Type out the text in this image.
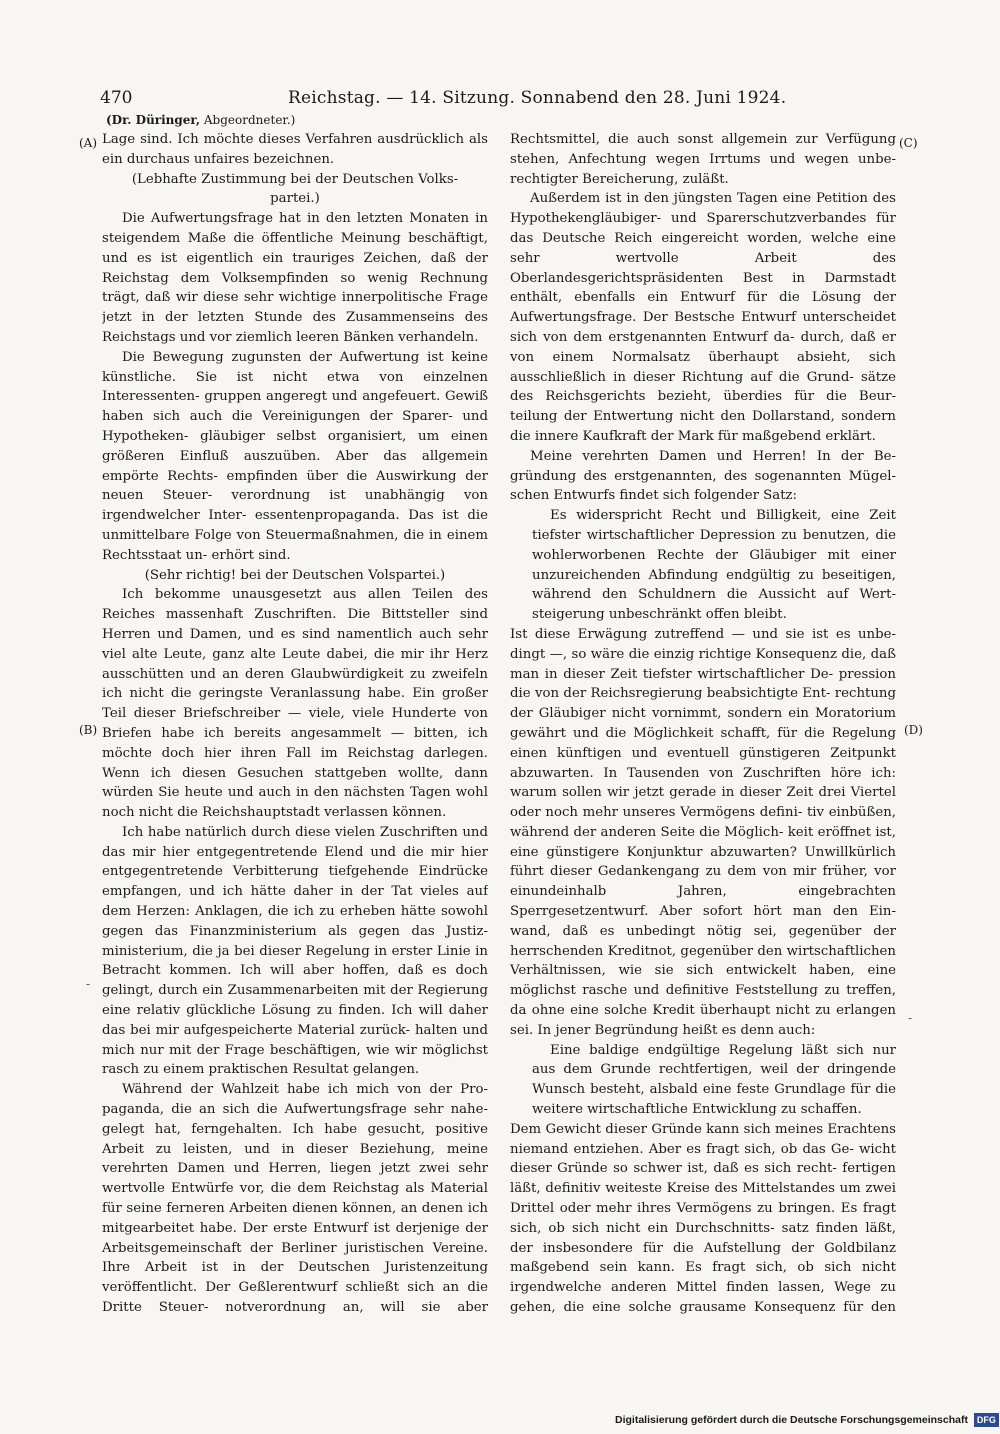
470	Reichstag. — 14. Sitzung. Sonnabend den 28. Juni 1924.
(Dr. Düringer, Abgeordneter.)
(A)
(B)
(C)
(D)
-
-

Lage sind. Ich möchte dieses Verfahren ausdrücklich als ein durchaus unfaires bezeichnen.

(Lebhafte Zustimmung bei der Deutschen Volks- partei.)

Die Aufwertungsfrage hat in den letzten Monaten in steigendem Maße die öffentliche Meinung beschäftigt, und es ist eigentlich ein trauriges Zeichen, daß der Reichstag dem Volksempfinden so wenig Rechnung trägt, daß wir diese sehr wichtige innerpolitische Frage jetzt in der letzten Stunde des Zusammenseins des Reichstags und vor ziemlich leeren Bänken verhandeln.

Die Bewegung zugunsten der Aufwertung ist keine künstliche. Sie ist nicht etwa von einzelnen Interessenten- gruppen angeregt und angefeuert. Gewiß haben sich auch die Vereinigungen der Sparer- und Hypotheken- gläubiger selbst organisiert, um einen größeren Einfluß auszuüben. Aber das allgemein empörte Rechts- empfinden über die Auswirkung der neuen Steuer- verordnung ist unabhängig von irgendwelcher Inter- essentenpropaganda. Das ist die unmittelbare Folge von Steuermaßnahmen, die in einem Rechtsstaat un- erhört sind.

(Sehr richtig! bei der Deutschen Volspartei.)

Ich bekomme unausgesetzt aus allen Teilen des Reiches massenhaft Zuschriften. Die Bittsteller sind Herren und Damen, und es sind namentlich auch sehr viel alte Leute, ganz alte Leute dabei, die mir ihr Herz ausschütten und an deren Glaubwürdigkeit zu zweifeln ich nicht die geringste Veranlassung habe. Ein großer Teil dieser Briefschreiber — viele, viele Hunderte von Briefen habe ich bereits angesammelt — bitten, ich möchte doch hier ihren Fall im Reichstag darlegen. Wenn ich diesen Gesuchen stattgeben wollte, dann würden Sie heute und auch in den nächsten Tagen wohl noch nicht die Reichshauptstadt verlassen können.

Ich habe natürlich durch diese vielen Zuschriften und das mir hier entgegentretende Elend und die mir hier entgegentretende Verbitterung tiefgehende Eindrücke empfangen, und ich hätte daher in der Tat vieles auf dem Herzen: Anklagen, die ich zu erheben hätte sowohl gegen das Finanzministerium als gegen das Justiz- ministerium, die ja bei dieser Regelung in erster Linie in Betracht kommen. Ich will aber hoffen, daß es doch gelingt, durch ein Zusammenarbeiten mit der Regierung eine relativ glückliche Lösung zu finden. Ich will daher das bei mir aufgespeicherte Material zurück- halten und mich nur mit der Frage beschäftigen, wie wir möglichst rasch zu einem praktischen Resultat gelangen.

Während der Wahlzeit habe ich mich von der Pro- paganda, die an sich die Aufwertungsfrage sehr nahe- gelegt hat, ferngehalten. Ich habe gesucht, positive Arbeit zu leisten, und in dieser Beziehung, meine verehrten Damen und Herren, liegen jetzt zwei sehr wertvolle Entwürfe vor, die dem Reichstag als Material für seine ferneren Arbeiten dienen können, an denen ich mitgearbeitet habe. Der erste Entwurf ist derjenige der Arbeitsgemeinschaft der Berliner juristischen Vereine. Ihre Arbeit ist in der Deutschen Juristenzeitung veröffentlicht. Der Geßlerentwurf schließt sich an die Dritte Steuer- notverordnung an, will sie aber

Rechtsmittel, die auch sonst allgemein zur Verfügung stehen, Anfechtung wegen Irrtums und wegen unbe- rechtigter Bereicherung, zuläßt.

Außerdem ist in den jüngsten Tagen eine Petition des Hypothekengläubiger- und Sparerschutzverbandes für das Deutsche Reich eingereicht worden, welche eine sehr wertvolle Arbeit des Oberlandesgerichtspräsidenten Best in Darmstadt enthält, ebenfalls ein Entwurf für die Lösung der Aufwertungsfrage. Der Bestsche Entwurf unterscheidet sich von dem erstgenannten Entwurf da- durch, daß er von einem Normalsatz überhaupt absieht, sich ausschließlich in dieser Richtung auf die Grund- sätze des Reichsgerichts bezieht, überdies für die Beur- teilung der Entwertung nicht den Dollarstand, sondern die innere Kaufkraft der Mark für maßgebend erklärt.

Meine verehrten Damen und Herren! In der Be- gründung des erstgenannten, des sogenannten Mügel- schen Entwurfs findet sich folgender Satz:

Es widerspricht Recht und Billigkeit, eine Zeit tiefster wirtschaftlicher Depression zu benutzen, die wohlerworbenen Rechte der Gläubiger mit einer unzureichenden Abfindung endgültig zu beseitigen, während den Schuldnern die Aussicht auf Wert- steigerung unbeschränkt offen bleibt.

Ist diese Erwägung zutreffend — und sie ist es unbe- dingt —, so wäre die einzig richtige Konsequenz die, daß man in dieser Zeit tiefster wirtschaftlicher De- pression die von der Reichsregierung beabsichtigte Ent- rechtung der Gläubiger nicht vornimmt, sondern ein Moratorium gewährt und die Möglichkeit schafft, für die Regelung einen künftigen und eventuell günstigeren Zeitpunkt abzuwarten. In Tausenden von Zuschriften höre ich: warum sollen wir jetzt gerade in dieser Zeit drei Viertel oder noch mehr unseres Vermögens defini- tiv einbüßen, während der anderen Seite die Möglich- keit eröffnet ist, eine günstigere Konjunktur abzuwarten? Unwillkürlich führt dieser Gedankengang zu dem von mir früher, vor einundeinhalb Jahren, eingebrachten Sperrgesetzentwurf. Aber sofort hört man den Ein- wand, daß es unbedingt nötig sei, gegenüber der herrschenden Kreditnot, gegenüber den wirtschaftlichen Verhältnissen, wie sie sich entwickelt haben, eine möglichst rasche und definitive Feststellung zu treffen, da ohne eine solche Kredit überhaupt nicht zu erlangen sei. In jener Begründung heißt es denn auch:

Eine baldige endgültige Regelung läßt sich nur aus dem Grunde rechtfertigen, weil der dringende Wunsch besteht, alsbald eine feste Grundlage für die weitere wirtschaftliche Entwicklung zu schaffen.

Dem Gewicht dieser Gründe kann sich meines Erachtens niemand entziehen. Aber es fragt sich, ob das Ge- wicht dieser Gründe so schwer ist, daß es sich recht- fertigen läßt, definitiv weiteste Kreise des Mittelstandes um zwei Drittel oder mehr ihres Vermögens zu bringen. Es fragt sich, ob sich nicht ein Durchschnitts- satz finden läßt, der insbesondere für die Aufstellung der Goldbilanz maßgebend sein kann. Es fragt sich, ob sich nicht irgendwelche anderen Mittel finden lassen, Wege zu gehen, die eine solche grausame Konsequenz für den

Digitalisierung gefördert durch die Deutsche Forschungsgemeinschaft DFG
